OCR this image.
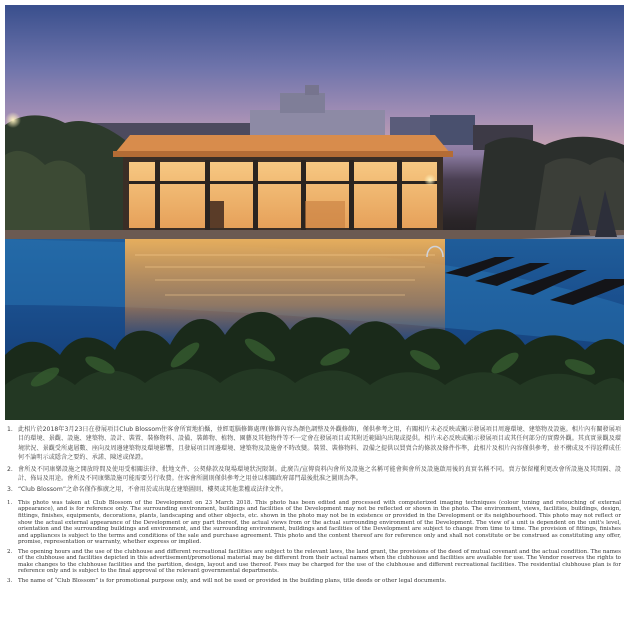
1. 此相片於2018年3月23日在發展項目Club Blossom住客會所實地拍攝，並經電腦修飾處理(修飾內容為顏色調整及外觀修飾)，僅供參考之用，有關相片未必反映或顯示發展項目周邊環境、建築物及設施。相片內有關發展項目的環境、景觀、設施、建築物、設計、裝置、裝修物料、設備、裝飾物、植物、園藝及其他物件等不一定會在發展項目或其附近範圍內出現或提供。相片未必反映或顯示發展項目或其任何部分的實際外觀。其真實景觀及環境狀況、景觀受所處層數、座向及周邊建築物及環境影響，且發展項目周邊環境、建築物及設施會不時改變。裝置、裝修物料、設備之提供以買賣合約條款及條件作準，此相片及相片內容僅供參考，並不構成及不得詮釋成任何不論明示或隱含之要約、承諾、陳述或保證。
2. 會所及不同康樂設施之開放時間及使用受相關法律、批地文件、公契條款及現場環境狀況限制。此廣告/宣傳資料內會所及設施之名稱可能會與會所及設施啟用後的真實名稱不同。賣方保留權利更改會所設施及其間隔、設計、佈局及用途。會所及不同康樂設施可能需要另行收費。住客會所圖則僅供參考之用並以相關政府部門最後批准之圖則為準。
3. “Club Blossom”之命名僅作推廣之用，不會用於或出現在建築圖則、樓契或其他業權或法律文件。
1.	This photo was taken at Club Blossom of the Development on 23 March 2018. This photo has been edited and processed with computerized imaging techniques (colour tuning and retouching of external appearance), and is for reference only. The surrounding environment, buildings and facilities of the Development may not be reflected or shown in the photo. The environment, views, facilities, buildings, design, fittings, finishes, equipments, decorations, plants, landscaping and other objects, etc. shown in the photo may not be in existence or provided in the Development or its neighbourhood. This photo may not reflect or show the actual external appearance of the Development or any part thereof, the actual views from or the actual surrounding environment of the Development. The view of a unit is dependent on the unit's level, orientation and the surrounding buildings and environment, and the surrounding environment, buildings and facilities of the Development are subject to change from time to time. The provision of fittings, finishes and appliances is subject to the terms and conditions of the sale and purchase agreement. This photo and the content thereof are for reference only and shall not constitute or be construed as constituting any offer, promise, representation or warranty, whether express or implied.
2.	The opening hours and the use of the clubhouse and different recreational facilities are subject to the relevant laws, the land grant, the provisions of the deed of mutual covenant and the actual condition. The names of the clubhouse and facilities depicted in this advertisement/promotional material may be different from their actual names when the clubhouse and facilities are available for use. The Vendor reserves the rights to make changes to the clubhouse facilities and the partition, design, layout and use thereof. Fees may be charged for the use of the clubhouse and different recreational facilities. The residential clubhouse plan is for reference only and is subject to the final approval of the relevant governmental departments.
3.	The name of “Club Blossom” is for promotional purpose only, and will not be used or provided in the building plans, title deeds or other legal documents.
